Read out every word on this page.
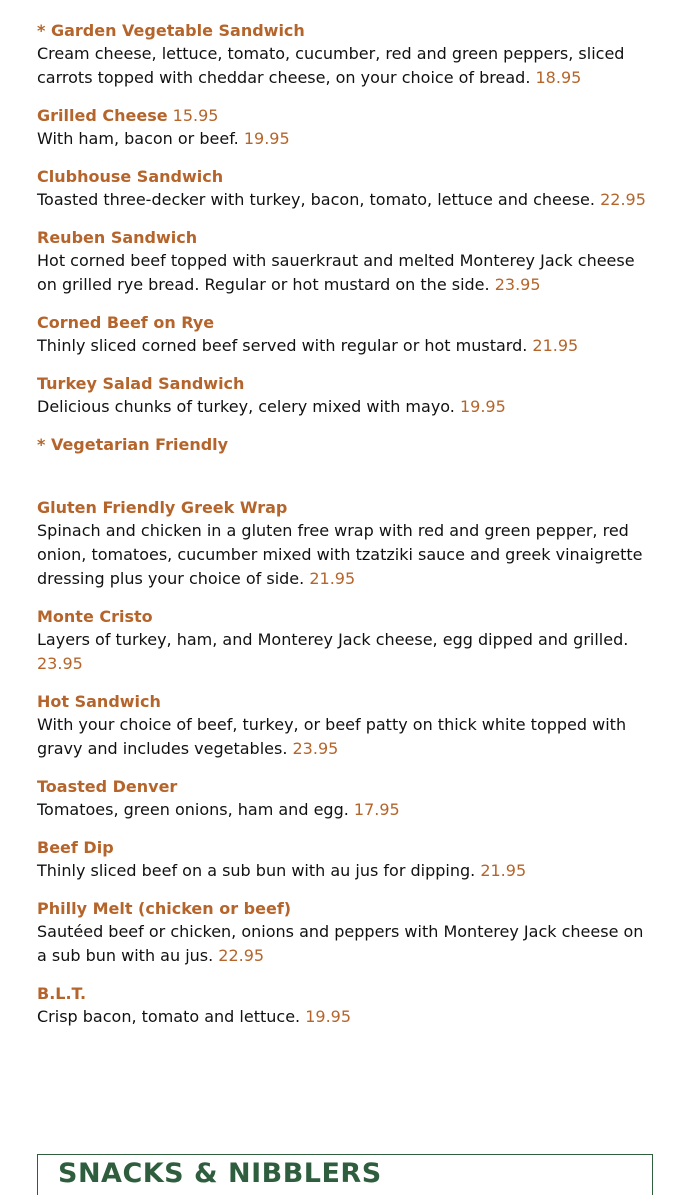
* Garden Vegetable Sandwich

Cream cheese, lettuce, tomato, cucumber, red and green peppers, sliced carrots topped with cheddar cheese, on your choice of bread. 18.95

Grilled Cheese 15.95

With ham, bacon or beef. 19.95

Clubhouse Sandwich

Toasted three-decker with turkey, bacon, tomato, lettuce and cheese. 22.95

Reuben Sandwich

Hot corned beef topped with sauerkraut and melted Monterey Jack cheese on grilled rye bread. Regular or hot mustard on the side. 23.95

Corned Beef on Rye

Thinly sliced corned beef served with regular or hot mustard. 21.95

Turkey Salad Sandwich

Delicious chunks of turkey, celery mixed with mayo. 19.95

* Vegetarian Friendly
Gluten Friendly Greek Wrap

Spinach and chicken in a gluten free wrap with red and green pepper, red onion, tomatoes, cucumber mixed with tzatziki sauce and greek vinaigrette dressing plus your choice of side. 21.95

Monte Cristo

Layers of turkey, ham, and Monterey Jack cheese, egg dipped and grilled. 23.95

Hot Sandwich

With your choice of beef, turkey, or beef patty on thick white topped with gravy and includes vegetables. 23.95

Toasted Denver

Tomatoes, green onions, ham and egg. 17.95

Beef Dip

Thinly sliced beef on a sub bun with au jus for dipping. 21.95

Philly Melt (chicken or beef)

Sautéed beef or chicken, onions and peppers with Monterey Jack cheese on a sub bun with au jus. 22.95

B.L.T.

Crisp bacon, tomato and lettuce. 19.95

SNACKS & NIBBLERS
